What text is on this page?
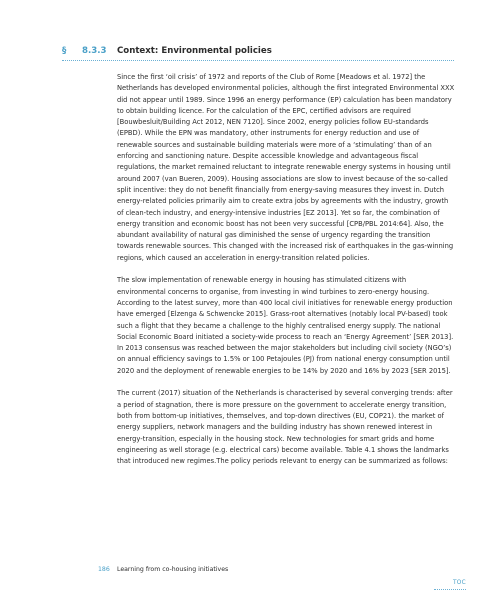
§	8.3.3	Context: Environmental policies

Since the first ‘oil crisis’ of 1972 and reports of the Club of Rome [Meadows et al. 1972] the Netherlands has developed environmental policies, although the first integrated Environmental XXX did not appear until 1989. Since 1996 an energy performance (EP) calculation has been mandatory to obtain building licence. For the calculation of the EPC, certified advisors are required [Bouwbesluit/Building Act 2012, NEN 7120]. Since 2002, energy policies follow EU-standards (EPBD). While the EPN was mandatory, other instruments for energy reduction and use of renewable sources and sustainable building materials were more of a ‘stimulating’ than of an enforcing and sanctioning nature. Despite accessible knowledge and advantageous fiscal regulations, the market remained reluctant to integrate renewable energy systems in housing until around 2007 (van Bueren, 2009). Housing associations are slow to invest because of the so-called split incentive: they do not benefit financially from energy-saving measures they invest in. Dutch energy-related policies primarily aim to create extra jobs by agreements with the industry, growth of clean-tech industry, and energy-intensive industries [EZ 2013]. Yet so far, the combination of energy transition and economic boost has not been very successful [CPB/PBL 2014:64]. Also, the abundant availability of natural gas diminished the sense of urgency regarding the transition towards renewable sources. This changed with the increased risk of earthquakes in the gas-winning regions, which caused an acceleration in energy-transition related policies.

The slow implementation of renewable energy in housing has stimulated citizens with environmental concerns to organise, from investing in wind turbines to zero-energy housing. According to the latest survey, more than 400 local civil initiatives for renewable energy production have emerged [Elzenga & Schwencke 2015]. Grass-root alternatives (notably local PV-based) took such a flight that they became a challenge to the highly centralised energy supply. The national Social Economic Board initiated a society-wide process to reach an ‘Energy Agreement’ [SER 2013]. In 2013 consensus was reached between the major stakeholders but including civil society (NGO’s) on annual efficiency savings to 1.5% or 100 Petajoules (PJ) from national energy consumption until 2020 and the deployment of renewable energies to be 14% by 2020 and 16% by 2023 [SER 2015].

The current (2017) situation of the Netherlands is characterised by several converging trends: after a period of stagnation, there is more pressure on the government to accelerate energy transition, both from bottom-up initiatives, themselves, and top-down directives (EU, COP21). the market of energy suppliers, network managers and the building industry has shown renewed interest in energy-transition, especially in the housing stock. New technologies for smart grids and home engineering as well storage (e.g. electrical cars) become available. Table 4.1 shows the landmarks that introduced new regimes.The policy periods relevant to energy can be summarized as follows:

186	Learning from co-housing initiatives
TOC
